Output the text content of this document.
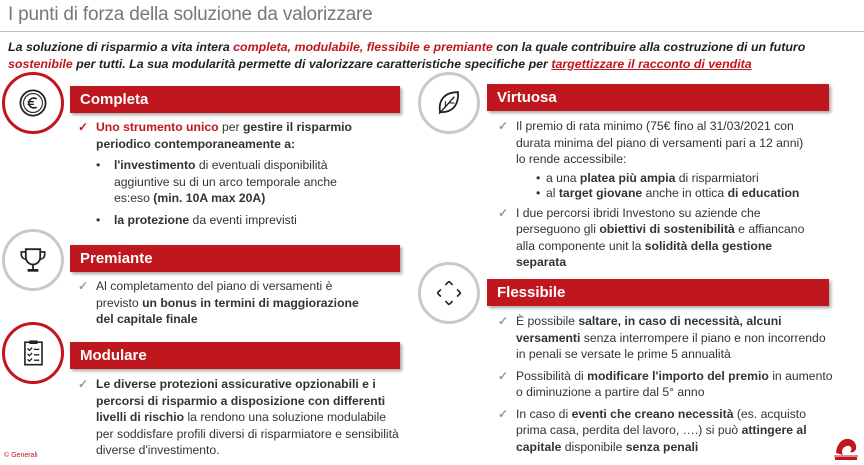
I punti di forza della soluzione da valorizzare
La soluzione di risparmio a vita intera completa, modulabile, flessibile e premiante con la quale contribuire alla costruzione di un futuro sostenibile per tutti. La sua modularità permette di valorizzare caratteristiche specifiche per targettizzare il racconto di vendita
Completa
✓ Uno strumento unico per gestire il risparmio periodico contemporaneamente a:
• l'investimento di eventuali disponibilità aggiuntive su di un arco temporale anche es:eso (min. 10A max 20A)
• la protezione da eventi imprevisti
Premiante
✓ Al completamento del piano di versamenti è previsto un bonus in termini di maggiorazione del capitale finale
Modulare
✓ Le diverse protezioni assicurative opzionabili e i percorsi di risparmio a disposizione con differenti livelli di rischio la rendono una soluzione modulabile per soddisfare profili diversi di risparmiatore e sensibilità diverse d'investimento.
Virtuosa
✓ Il premio di rata minimo (75€ fino al 31/03/2021 con durata minima del piano di versamenti pari a 12 anni) lo rende accessibile:
• a una platea più ampia di risparmiatori
• al target giovane anche in ottica di education
✓ I due percorsi ibridi Investono su aziende che perseguono gli obiettivi di sostenibilità e affiancano alla componente unit la solidità della gestione separata
Flessibile
✓ È possibile saltare, in caso di necessità, alcuni versamenti senza interrompere il piano e non incorrendo in penali se versate le prime 5 annualità
✓ Possibilità di modificare l'importo del premio in aumento o diminuzione a partire dal 5° anno
✓ In caso di eventi che creano necessità (es. acquisto prima casa, perdita del lavoro, ….) si può attingere al capitale disponibile senza penali
© Generali
